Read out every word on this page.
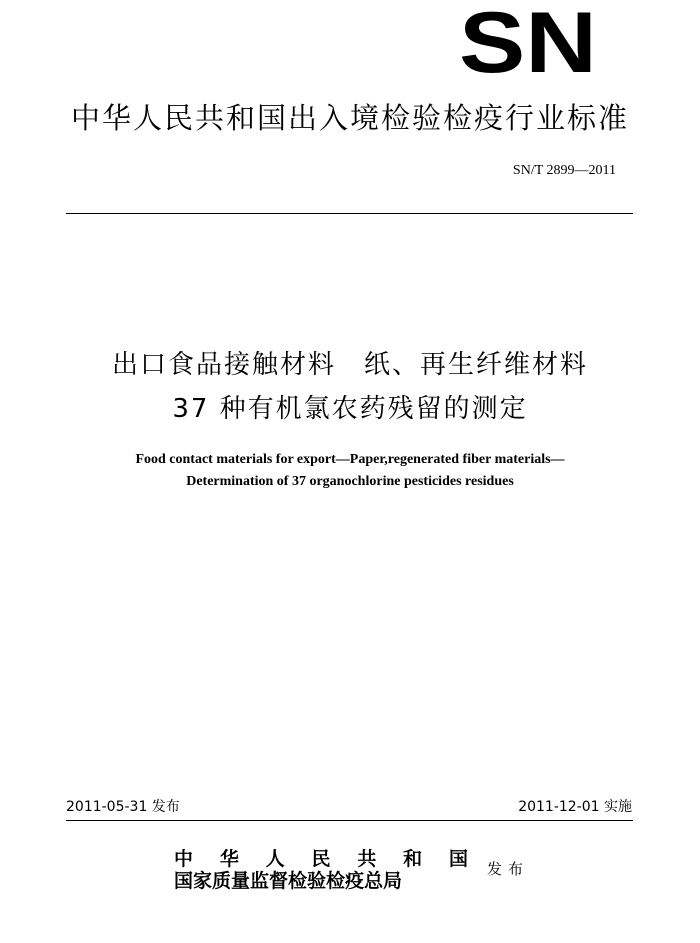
SN
中华人民共和国出入境检验检疫行业标准
SN/T 2899—2011
出口食品接触材料　纸、再生纤维材料
37 种有机氯农药残留的测定
Food contact materials for export—Paper,regenerated fiber materials—
Determination of 37 organochlorine pesticides residues
2011-05-31 发布	2011-12-01 实施
中华人民共和国
国家质量监督检验检疫总局
发布
